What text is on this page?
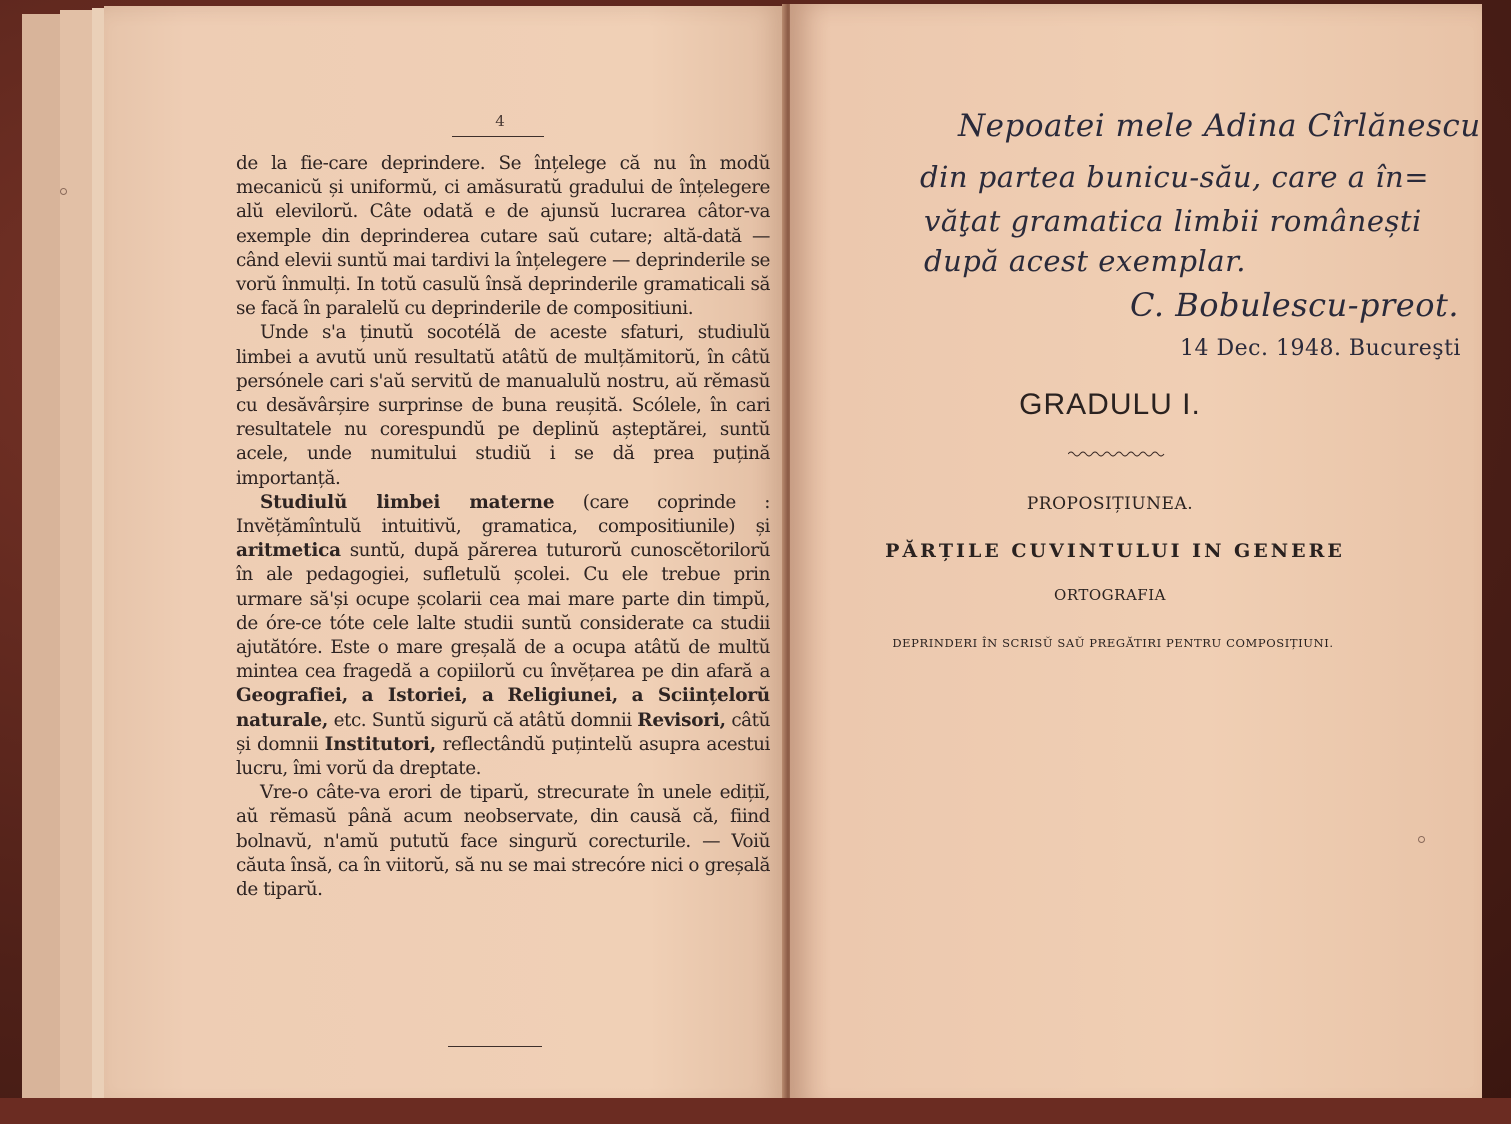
4

de la fie-care deprindere. Se înțelege că nu în modŭ mecanicŭ și uniformŭ, ci amăsuratŭ gradului de înțelegere alŭ elevilorŭ. Câte odată e de ajunsŭ lucrarea câtor-va exemple din deprinderea cutare saŭ cutare; altă-dată — când elevii suntŭ mai tardivi la înțelegere — deprinderile se vorŭ înmulți. In totŭ casulŭ însă deprinderile gramaticali să se facă în paralelŭ cu deprinderile de compositiuni.

Unde s'a ținutŭ socotélă de aceste sfaturi, studiulŭ limbei a avutŭ unŭ resultatŭ atâtŭ de mulțămitorŭ, în câtŭ persónele cari s'aŭ servitŭ de manualulŭ nostru, aŭ rĕmasŭ cu desăvârșire surprinse de buna reușită. Scólele, în cari resultatele nu corespundŭ pe deplinŭ așteptărei, suntŭ acele, unde numitului studiŭ i se dă prea puțină importanță.

Studiulŭ limbei materne (care coprinde : Invĕțămîntulŭ intuitivŭ, gramatica, compositiunile) și aritmetica suntŭ, după părerea tuturorŭ cunoscĕtorilorŭ în ale pedagogiei, sufletulŭ școlei. Cu ele trebue prin urmare să'și ocupe școlarii cea mai mare parte din timpŭ, de óre-ce tóte cele lalte studii suntŭ considerate ca studii ajutătóre. Este o mare greșală de a ocupa atâtŭ de multŭ mintea cea fragedă a copiilorŭ cu învĕțarea pe din afară a Geografiei, a Istoriei, a Religiunei, a Sciințelorŭ naturale, etc. Suntŭ sigurŭ că atâtŭ domnii Revisori, câtŭ și domnii Institutori, reflectândŭ puțintelŭ asupra acestui lucru, îmi vorŭ da dreptate.

Vre-o câte-va erori de tiparŭ, strecurate în unele edițiĭ, aŭ rĕmasŭ până acum neobservate, din causă că, fiind bolnavŭ, n'amŭ pututŭ face singurŭ corecturile. — Voiŭ căuta însă, ca în viitorŭ, să nu se mai strecóre nici o greșală de tiparŭ.

Nepoatei mele Adina Cîrlănescu
din partea bunicu-său, care a în=
văţat gramatica limbii românești
după acest exemplar.
C. Bobulescu-preot.
14 Dec. 1948. Bucureşti
GRADULU I.
PROPOSIȚIUNEA.
PĂRȚILE CUVINTULUI IN GENERE
ORTOGRAFIA
DEPRINDERI ÎN SCRISŬ SAŬ PREGĂTIRI PENTRU COMPOSIȚIUNI.
